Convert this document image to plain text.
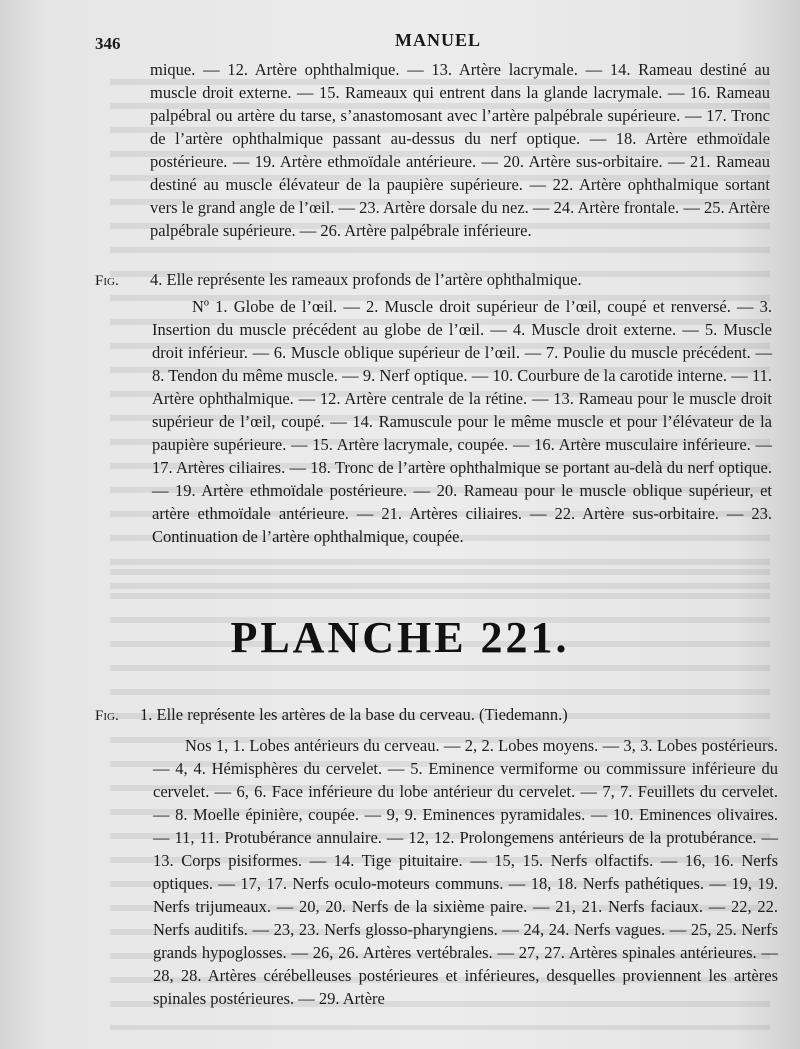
346	MANUEL
mique. — 12. Artère ophthalmique. — 13. Artère lacrymale. — 14. Rameau destiné au muscle droit externe. — 15. Rameaux qui entrent dans la glande lacrymale. — 16. Rameau palpébral ou artère du tarse, s’anastomosant avec l’artère palpébrale supérieure. — 17. Tronc de l’artère ophthalmique passant au-dessus du nerf optique. — 18. Artère ethmoïdale postérieure. — 19. Artère ethmoïdale antérieure. — 20. Artère sus-orbitaire. — 21. Rameau destiné au muscle élévateur de la paupière supérieure. — 22. Artère ophthalmique sortant vers le grand angle de l’œil. — 23. Artère dorsale du nez. — 24. Artère frontale. — 25. Artère palpébrale supérieure. — 26. Artère palpébrale inférieure.
Fig. 4. Elle représente les rameaux profonds de l’artère ophthalmique.
Nº 1. Globe de l’œil. — 2. Muscle droit supérieur de l’œil, coupé et renversé. — 3. Insertion du muscle précédent au globe de l’œil. — 4. Muscle droit externe. — 5. Muscle droit inférieur. — 6. Muscle oblique supérieur de l’œil. — 7. Poulie du muscle précédent. — 8. Tendon du même muscle. — 9. Nerf optique. — 10. Courbure de la carotide interne. — 11. Artère ophthalmique. — 12. Artère centrale de la rétine. — 13. Rameau pour le muscle droit supérieur de l’œil, coupé. — 14. Ramuscule pour le même muscle et pour l’élévateur de la paupière supérieure. — 15. Artère lacrymale, coupée. — 16. Artère musculaire inférieure. — 17. Artères ciliaires. — 18. Tronc de l’artère ophthalmique se portant au-delà du nerf optique. — 19. Artère ethmoïdale postérieure. — 20. Rameau pour le muscle oblique supérieur, et artère ethmoïdale antérieure. — 21. Artères ciliaires. — 22. Artère sus-orbitaire. — 23. Continuation de l’artère ophthalmique, coupée.
PLANCHE 221.
Fig. 1. Elle représente les artères de la base du cerveau. (Tiedemann.)
Nos 1, 1. Lobes antérieurs du cerveau. — 2, 2. Lobes moyens. — 3, 3. Lobes postérieurs. — 4, 4. Hémisphères du cervelet. — 5. Eminence vermiforme ou commissure inférieure du cervelet. — 6, 6. Face inférieure du lobe antérieur du cervelet. — 7, 7. Feuillets du cervelet. — 8. Moelle épinière, coupée. — 9, 9. Eminences pyramidales. — 10. Eminences olivaires. — 11, 11. Protubérance annulaire. — 12, 12. Prolongemens antérieurs de la protubérance. — 13. Corps pisiformes. — 14. Tige pituitaire. — 15, 15. Nerfs olfactifs. — 16, 16. Nerfs optiques. — 17, 17. Nerfs oculo-moteurs communs. — 18, 18. Nerfs pathétiques. — 19, 19. Nerfs trijumeaux. — 20, 20. Nerfs de la sixième paire. — 21, 21. Nerfs faciaux. — 22, 22. Nerfs auditifs. — 23, 23. Nerfs glosso-pharyngiens. — 24, 24. Nerfs vagues. — 25, 25. Nerfs grands hypoglosses. — 26, 26. Artères vertébrales. — 27, 27. Artères spinales antérieures. — 28, 28. Artères cérébelleuses postérieures et inférieures, desquelles proviennent les artères spinales postérieures. — 29. Artère
